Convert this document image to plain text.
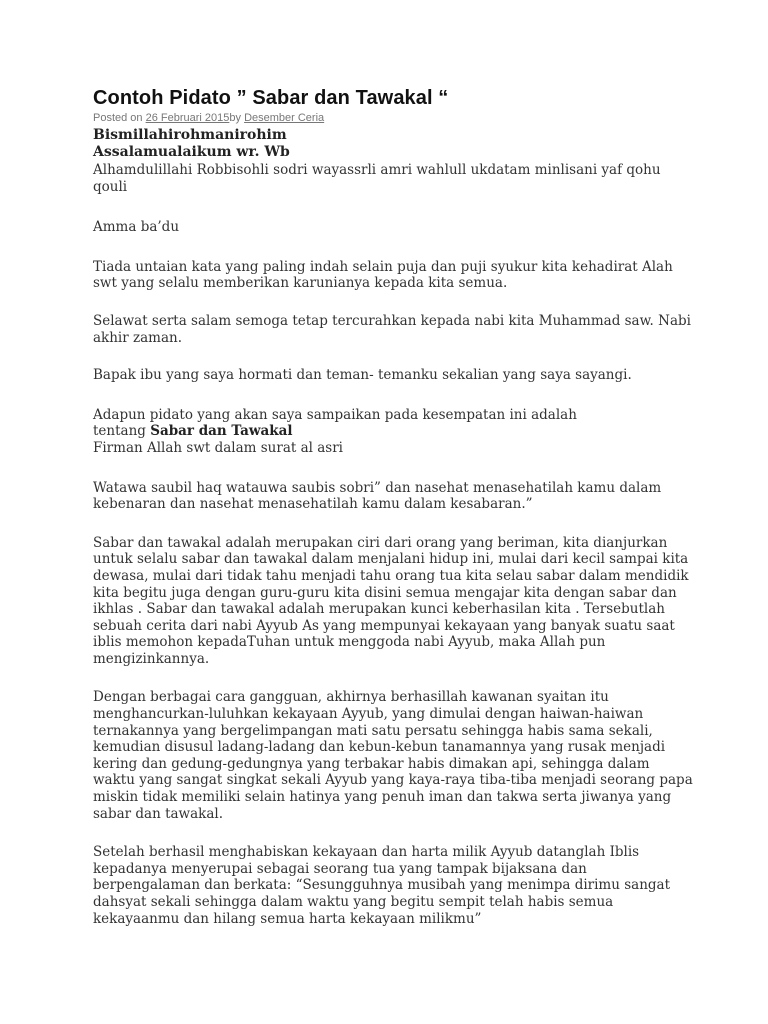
Contoh Pidato ” Sabar dan Tawakal “
Posted on 26 Februari 2015by Desember Ceria
Bismillahirohmanirohim
Assalamualaikum wr. Wb

Alhamdulillahi Robbisohli sodri wayassrli amri wahlull ukdatam minlisani yaf qohu qouli

Amma ba’du

Tiada untaian kata yang paling indah selain puja dan puji syukur kita kehadirat Alah swt yang selalu memberikan karunianya kepada kita semua.

Selawat serta salam semoga tetap tercurahkan kepada nabi kita Muhammad saw. Nabi akhir zaman.

Bapak ibu yang saya hormati dan teman- temanku sekalian yang saya sayangi.

Adapun pidato yang akan saya sampaikan pada kesempatan ini adalah

tentang Sabar dan Tawakal

Firman Allah swt dalam surat al asri

Watawa saubil haq watauwa saubis sobri” dan nasehat menasehatilah kamu dalam kebenaran dan nasehat menasehatilah kamu dalam kesabaran.”

Sabar dan tawakal adalah merupakan ciri dari orang yang beriman, kita dianjurkan untuk selalu sabar dan tawakal dalam menjalani hidup ini, mulai dari kecil sampai kita dewasa, mulai dari tidak tahu menjadi tahu orang tua kita selau sabar dalam mendidik kita begitu juga dengan guru-guru kita disini semua mengajar kita dengan sabar dan ikhlas . Sabar dan tawakal adalah merupakan kunci keberhasilan kita . Tersebutlah sebuah cerita dari nabi Ayyub As yang mempunyai kekayaan yang banyak suatu saat iblis memohon kepadaTuhan untuk menggoda nabi Ayyub, maka Allah pun mengizinkannya.

Dengan berbagai cara gangguan, akhirnya berhasillah kawanan syaitan itu menghancurkan-luluhkan kekayaan Ayyub, yang dimulai dengan haiwan-haiwan ternakannya yang bergelimpangan mati satu persatu sehingga habis sama sekali, kemudian disusul ladang-ladang dan kebun-kebun tanamannya yang rusak menjadi kering dan gedung-gedungnya yang terbakar habis dimakan api, sehingga dalam waktu yang sangat singkat sekali Ayyub yang kaya-raya tiba-tiba menjadi seorang papa miskin tidak memiliki selain hatinya yang penuh iman dan takwa serta jiwanya yang sabar dan tawakal.

Setelah berhasil menghabiskan kekayaan dan harta milik Ayyub datanglah Iblis kepadanya menyerupai sebagai seorang tua yang tampak bijaksana dan berpengalaman dan berkata: “Sesungguhnya musibah yang menimpa dirimu sangat dahsyat sekali sehingga dalam waktu yang begitu sempit telah habis semua kekayaanmu dan hilang semua harta kekayaan milikmu”
